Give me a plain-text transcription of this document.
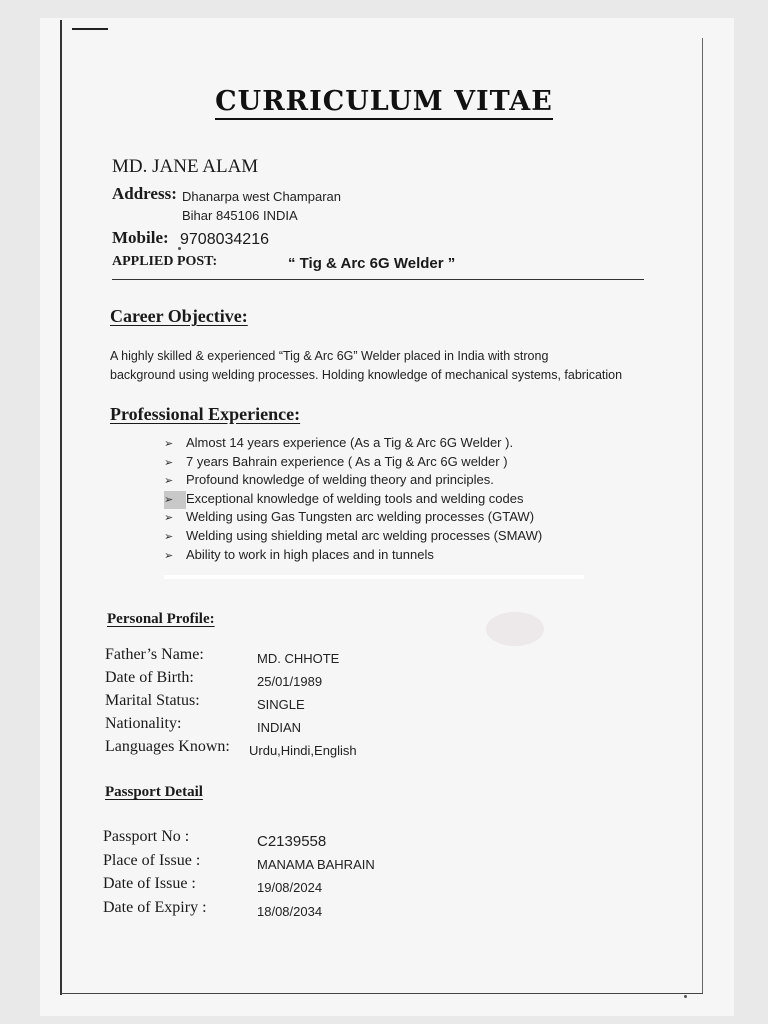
CURRICULUM VITAE
MD. JANE ALAM
Address: Dhanarpa west Champaran
Bihar 845106 INDIA
Mobile: 9708034216
APPLIED POST:	“ Tig & Arc 6G Welder ”
Career Objective:
A highly skilled & experienced “Tig & Arc 6G” Welder placed in India with strong
background using welding processes. Holding knowledge of mechanical systems, fabrication
Professional Experience:
➢ Almost 14 years experience (As a Tig & Arc 6G Welder ).
➢ 7 years Bahrain experience ( As a Tig & Arc 6G welder )
➢ Profound knowledge of welding theory and principles.
➢ Exceptional knowledge of welding tools and welding codes
➢ Welding using Gas Tungsten arc welding processes (GTAW)
➢ Welding using shielding metal arc welding processes (SMAW)
➢ Ability to work in high places and in tunnels
Personal Profile:
Father’s Name:	MD. CHHOTE
Date of Birth:	25/01/1989
Marital Status:	SINGLE
Nationality:	INDIAN
Languages Known: Urdu,Hindi,English
Passport Detail
Passport No :	C2139558
Place of Issue :	MANAMA BAHRAIN
Date of Issue :	19/08/2024
Date of Expiry :	18/08/2034
